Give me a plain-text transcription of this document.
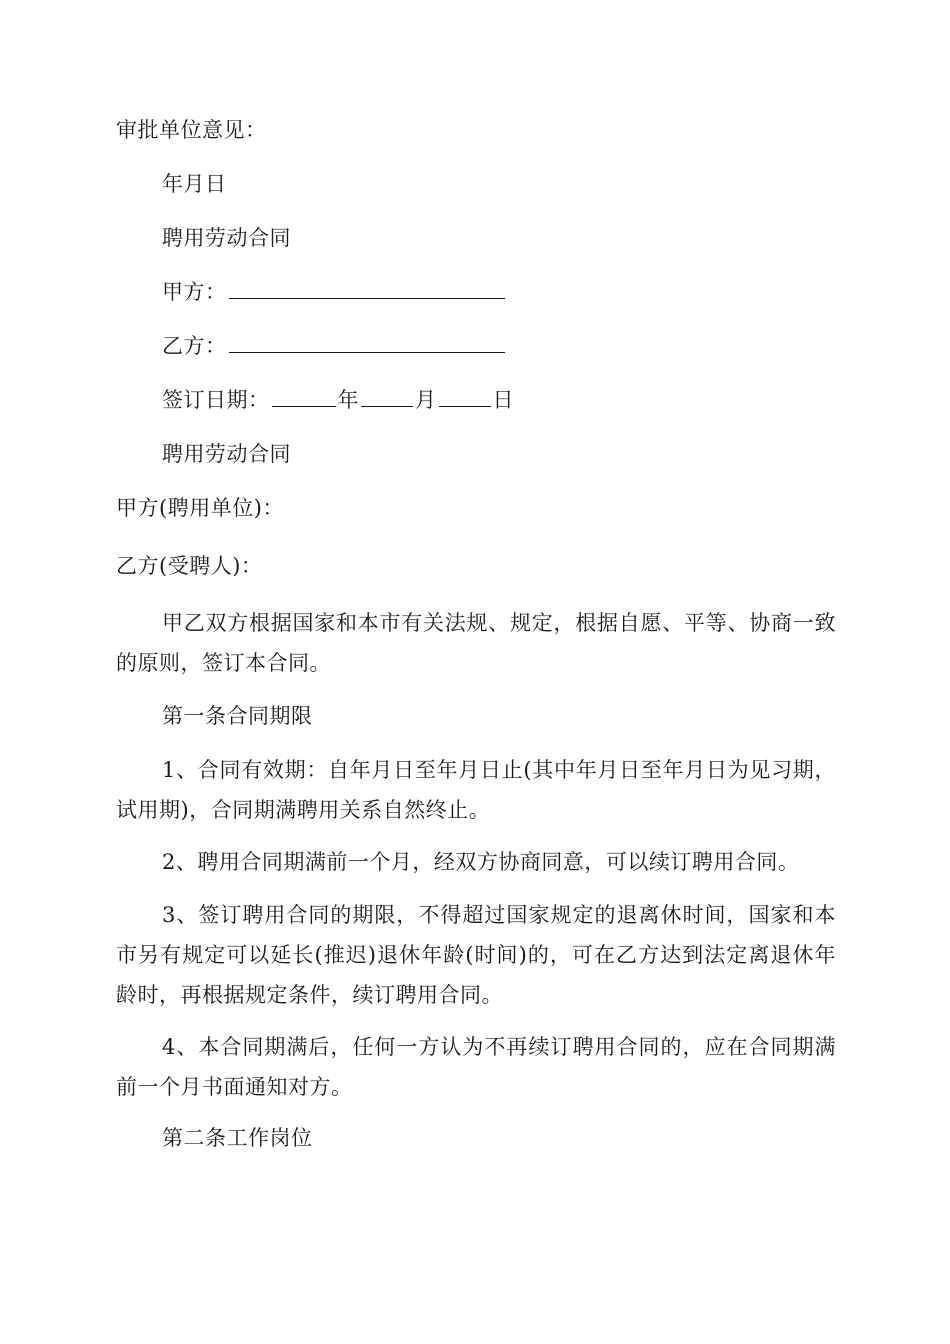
审批单位意见：
年月日
聘用劳动合同
甲方：
乙方：
签订日期：	年	月	日
聘用劳动合同
甲方(聘用单位)：
乙方(受聘人)：
甲乙双方根据国家和本市有关法规、规定，根据自愿、平等、协商一致的原则，签订本合同。
第一条合同期限
1、合同有效期：自年月日至年月日止(其中年月日至年月日为见习期，试用期)，合同期满聘用关系自然终止。
2、聘用合同期满前一个月，经双方协商同意，可以续订聘用合同。
3、签订聘用合同的期限，不得超过国家规定的退离休时间，国家和本市另有规定可以延长(推迟)退休年龄(时间)的，可在乙方达到法定离退休年龄时，再根据规定条件，续订聘用合同。
4、本合同期满后，任何一方认为不再续订聘用合同的，应在合同期满前一个月书面通知对方。
第二条工作岗位
